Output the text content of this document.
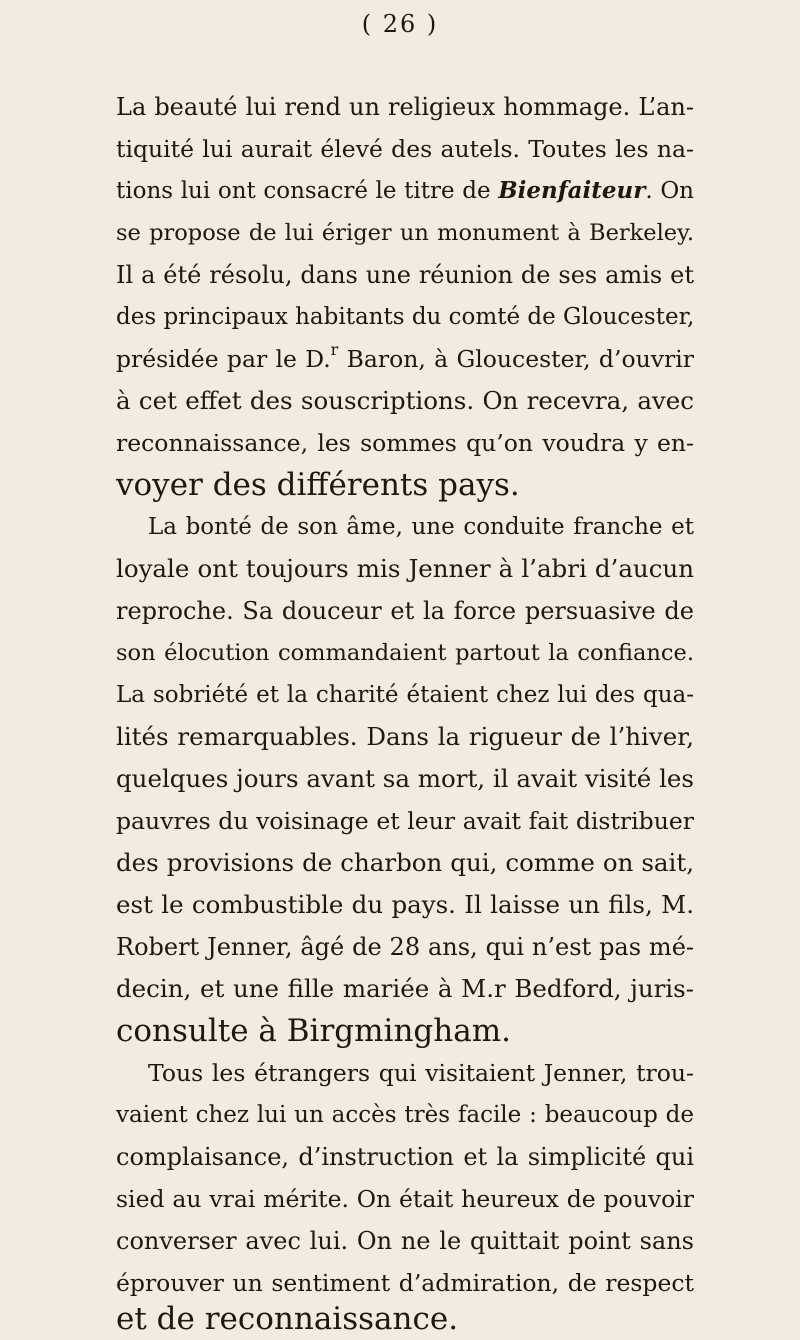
( 26 )
La beauté lui rend un religieux hommage. L’an-
tiquité lui aurait élevé des autels. Toutes les na-
tions lui ont consacré le titre de Bienfaiteur. On
se propose de lui ériger un monument à Berkeley.
Il a été résolu, dans une réunion de ses amis et
des principaux habitants du comté de Gloucester,
présidée par le D.$^r$ Baron, à Gloucester, d’ouvrir
à cet effet des souscriptions. On recevra, avec
reconnaissance, les sommes qu’on voudra y en-
voyer des différents pays.
La bonté de son âme, une conduite franche et
loyale ont toujours mis Jenner à l’abri d’aucun
reproche. Sa douceur et la force persuasive de
son élocution commandaient partout la confiance.
La sobriété et la charité étaient chez lui des qua-
lités remarquables. Dans la rigueur de l’hiver,
quelques jours avant sa mort, il avait visité les
pauvres du voisinage et leur avait fait distribuer
des provisions de charbon qui, comme on sait,
est le combustible du pays. Il laisse un fils, M.
Robert Jenner, âgé de 28 ans, qui n’est pas mé-
decin, et une fille mariée à M.r Bedford, juris-
consulte à Birgmingham.
Tous les étrangers qui visitaient Jenner, trou-
vaient chez lui un accès très facile : beaucoup de
complaisance, d’instruction et la simplicité qui
sied au vrai mérite. On était heureux de pouvoir
converser avec lui. On ne le quittait point sans
éprouver un sentiment d’admiration, de respect
et de reconnaissance.
